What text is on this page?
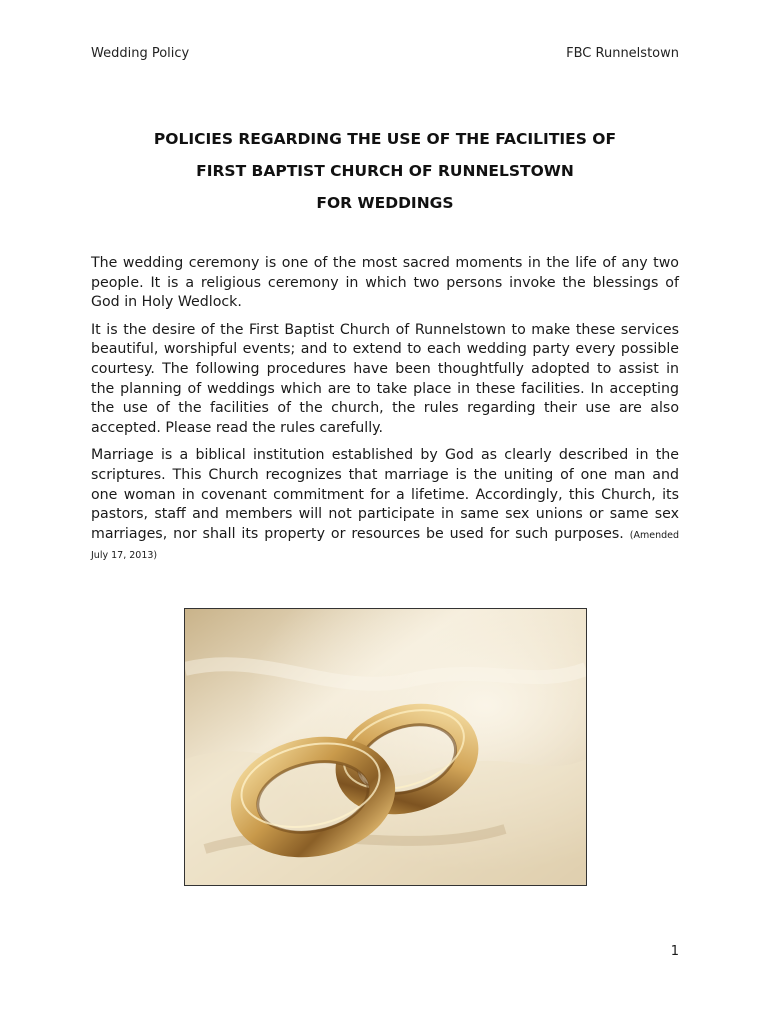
Wedding Policy	FBC Runnelstown
POLICIES REGARDING THE USE OF THE FACILITIES OF
FIRST BAPTIST CHURCH OF RUNNELSTOWN
FOR WEDDINGS

The wedding ceremony is one of the most sacred moments in the life of any two people. It is a religious ceremony in which two persons invoke the blessings of God in Holy Wedlock.

It is the desire of the First Baptist Church of Runnelstown to make these services beautiful, worshipful events; and to extend to each wedding party every possible courtesy. The following procedures have been thoughtfully adopted to assist in the planning of weddings which are to take place in these facilities. In accepting the use of the facilities of the church, the rules regarding their use are also accepted. Please read the rules carefully.

Marriage is a biblical institution established by God as clearly described in the scriptures. This Church recognizes that marriage is the uniting of one man and one woman in covenant commitment for a lifetime. Accordingly, this Church, its pastors, staff and members will not participate in same sex unions or same sex marriages, nor shall its property or resources be used for such purposes. (Amended July 17, 2013)

1
